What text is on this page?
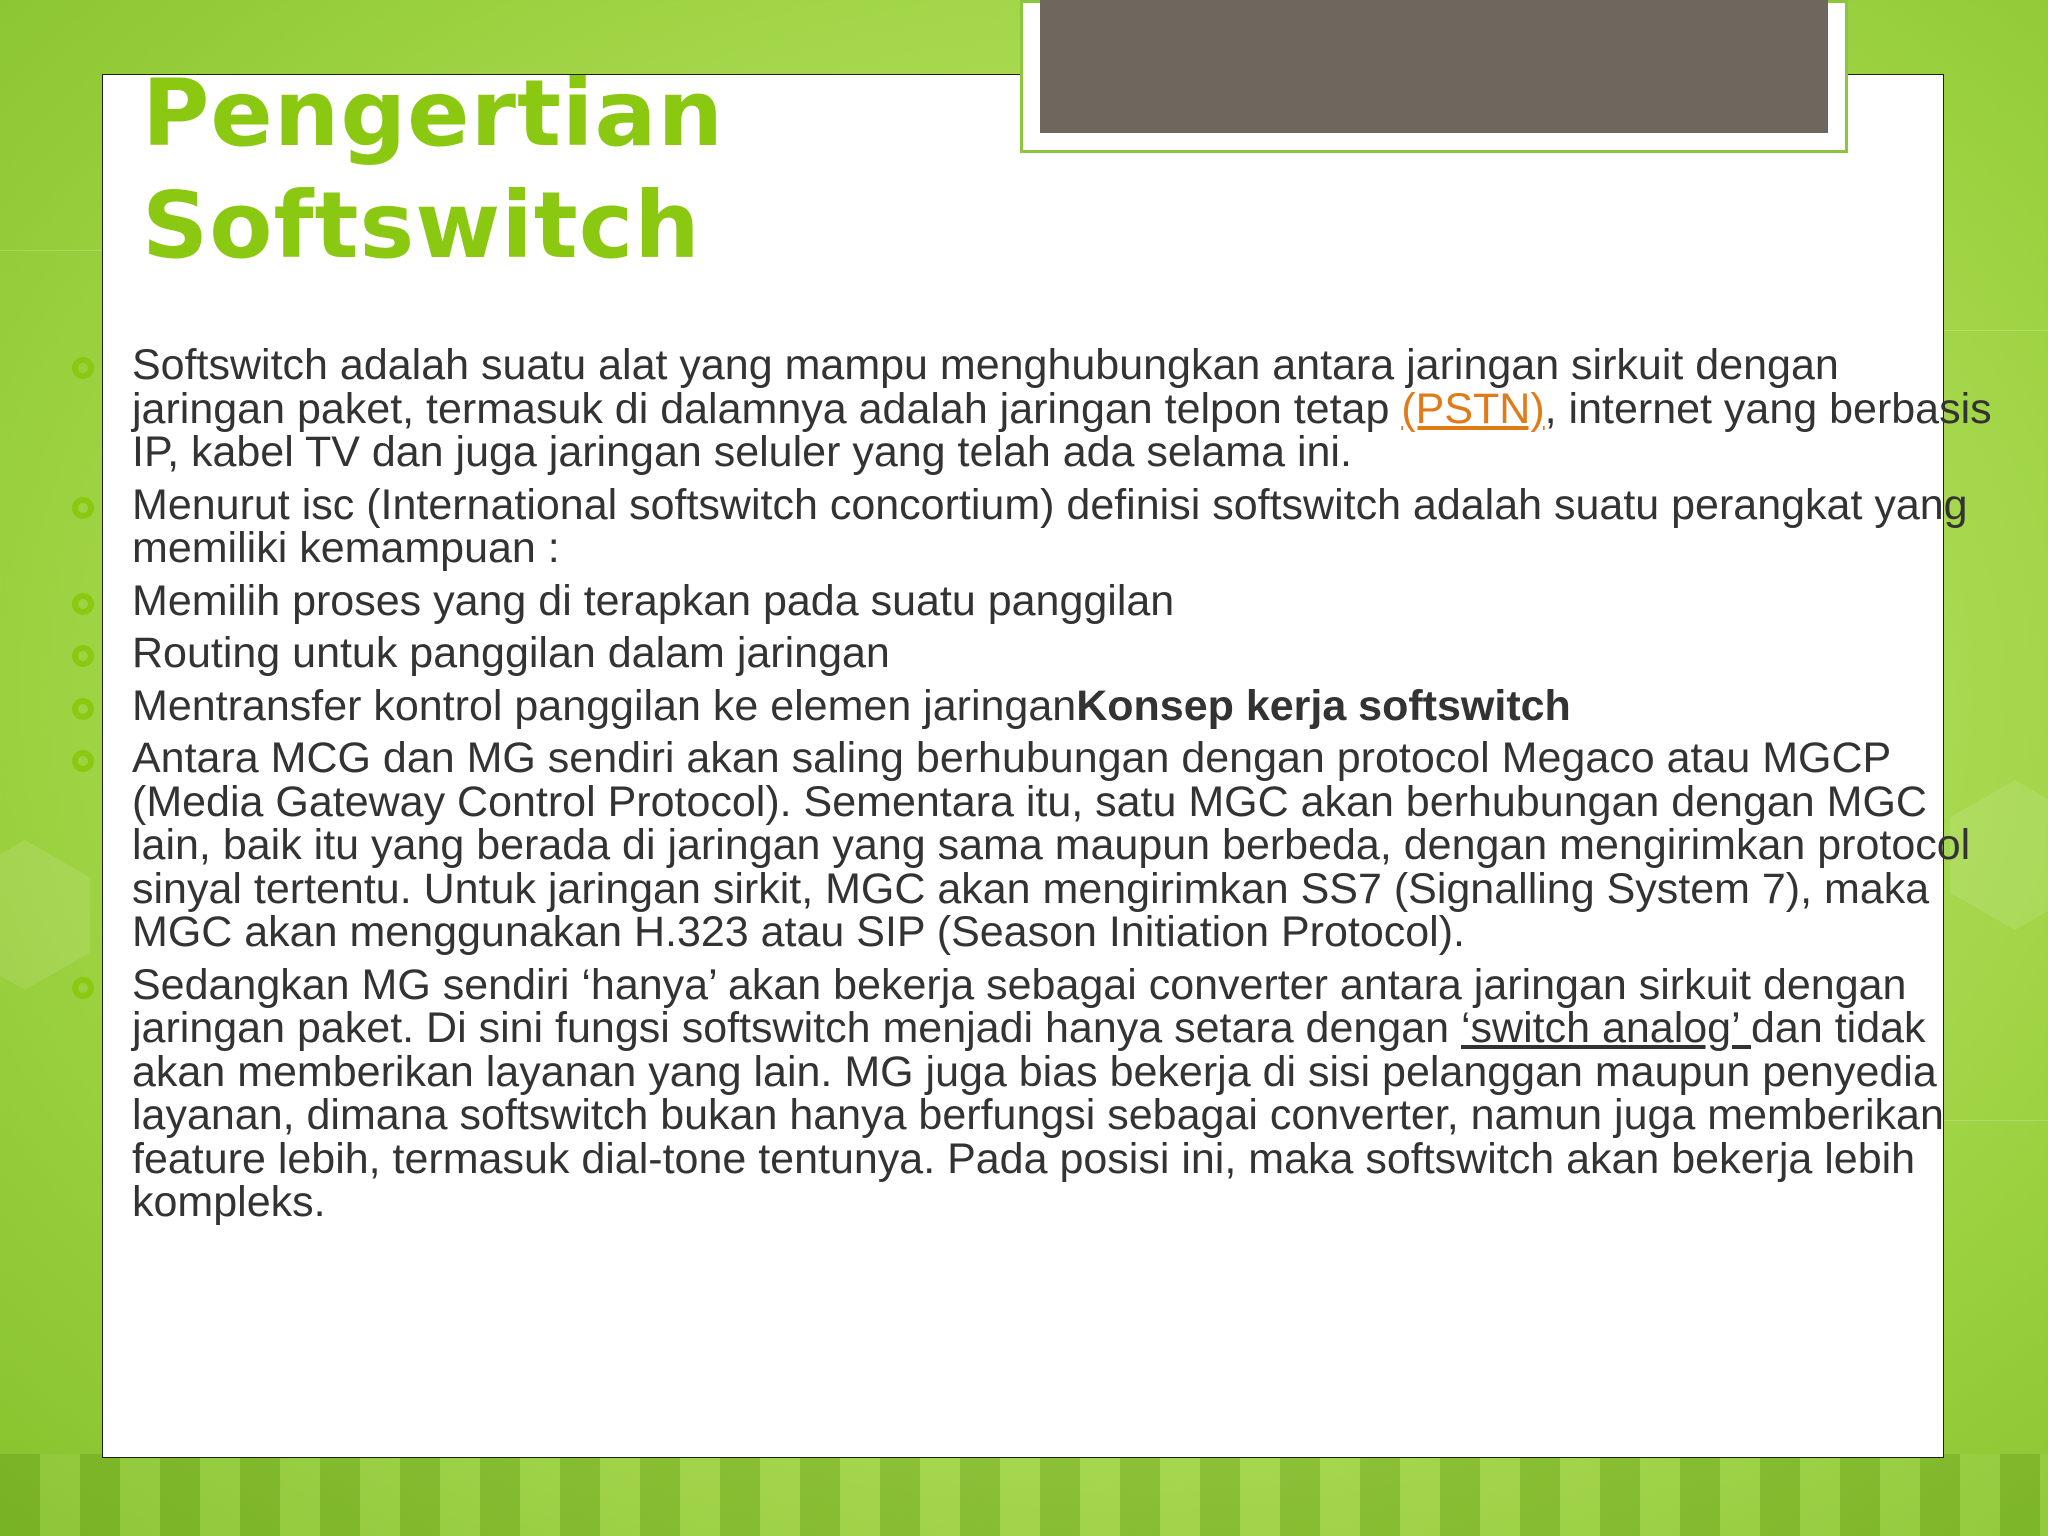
Pengertian
Softswitch
Softswitch adalah suatu alat yang mampu menghubungkan antara jaringan sirkuit dengan jaringan paket, termasuk di dalamnya adalah jaringan telpon tetap (PSTN), internet yang berbasis IP, kabel TV dan juga jaringan seluler yang telah ada selama ini.
Menurut isc (International softswitch concortium) definisi softswitch adalah suatu perangkat yang memiliki kemampuan :
Memilih proses yang di terapkan pada suatu panggilan
Routing untuk panggilan dalam jaringan
Mentransfer kontrol panggilan ke elemen jaringanKonsep kerja softswitch
Antara MCG dan MG sendiri akan saling berhubungan dengan protocol Megaco atau MGCP (Media Gateway Control Protocol). Sementara itu, satu MGC akan berhubungan dengan MGC lain, baik itu yang berada di jaringan yang sama maupun berbeda, dengan mengirimkan protocol sinyal tertentu. Untuk jaringan sirkit, MGC akan mengirimkan SS7 (Signalling System 7), maka MGC akan menggunakan H.323 atau SIP (Season Initiation Protocol).
Sedangkan MG sendiri ‘hanya’ akan bekerja sebagai converter antara jaringan sirkuit dengan jaringan paket. Di sini fungsi softswitch menjadi hanya setara dengan ‘switch analog’ dan tidak akan memberikan layanan yang lain. MG juga bias bekerja di sisi pelanggan maupun penyedia layanan, dimana softswitch bukan hanya berfungsi sebagai converter, namun juga memberikan feature lebih, termasuk dial-tone tentunya. Pada posisi ini, maka softswitch akan bekerja lebih kompleks.
